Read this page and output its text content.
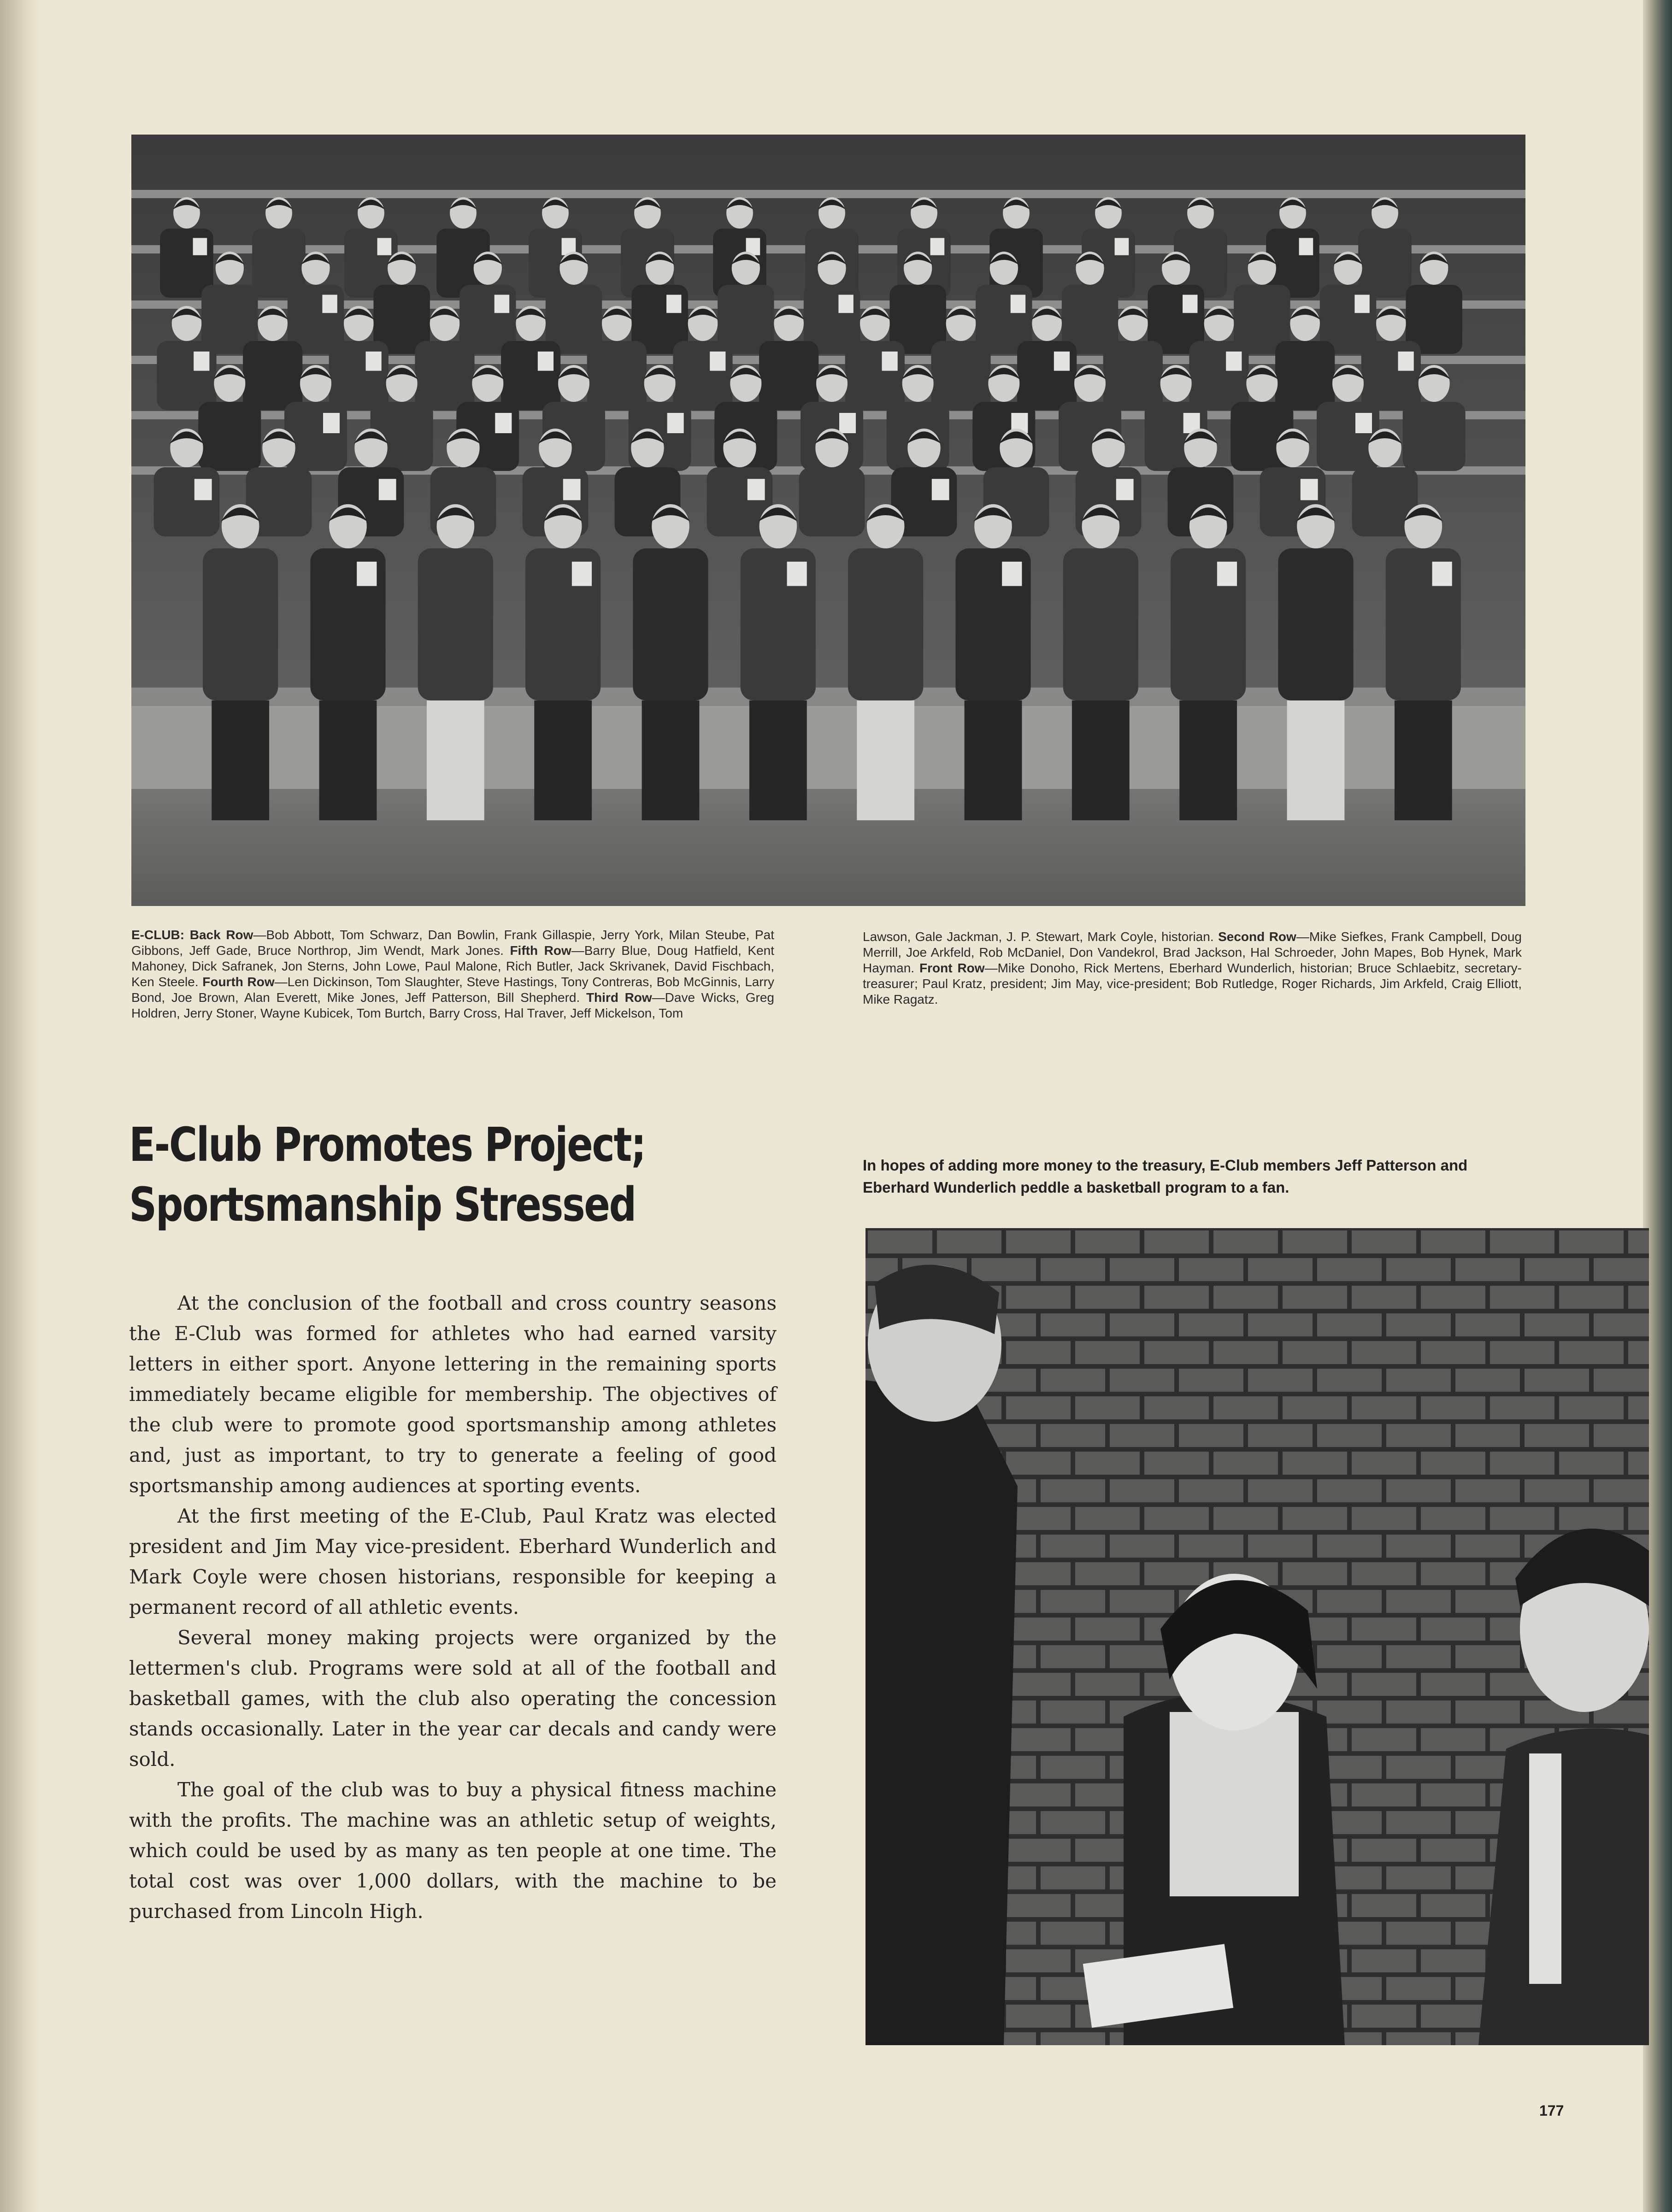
E-CLUB: Back Row—Bob Abbott, Tom Schwarz, Dan Bowlin, Frank Gillaspie, Jerry York, Milan Steube, Pat Gibbons, Jeff Gade, Bruce Northrop, Jim Wendt, Mark Jones. Fifth Row—Barry Blue, Doug Hatfield, Kent Mahoney, Dick Safranek, Jon Sterns, John Lowe, Paul Malone, Rich Butler, Jack Skrivanek, David Fischbach, Ken Steele. Fourth Row—Len Dickinson, Tom Slaughter, Steve Hastings, Tony Contreras, Bob McGinnis, Larry Bond, Joe Brown, Alan Everett, Mike Jones, Jeff Patterson, Bill Shepherd. Third Row—Dave Wicks, Greg Holdren, Jerry Stoner, Wayne Kubicek, Tom Burtch, Barry Cross, Hal Traver, Jeff Mickelson, Tom
Lawson, Gale Jackman, J. P. Stewart, Mark Coyle, historian. Second Row—Mike Siefkes, Frank Campbell, Doug Merrill, Joe Arkfeld, Rob McDaniel, Don Vandekrol, Brad Jackson, Hal Schroeder, John Mapes, Bob Hynek, Mark Hayman. Front Row—Mike Donoho, Rick Mertens, Eberhard Wunderlich, historian; Bruce Schlaebitz, secretary-treasurer; Paul Kratz, president; Jim May, vice-president; Bob Rutledge, Roger Richards, Jim Arkfeld, Craig Elliott, Mike Ragatz.
E-Club Promotes Project;
Sportsmanship Stressed
In hopes of adding more money to the treasury, E-Club members Jeff Patterson and Eberhard Wunderlich peddle a basketball program to a fan.

At the conclusion of the football and cross country seasons the E-Club was formed for athletes who had earned varsity letters in either sport. Anyone lettering in the remaining sports immediately became eligible for membership. The objectives of the club were to promote good sportsmanship among athletes and, just as important, to try to generate a feeling of good sportsmanship among audiences at sporting events.

At the first meeting of the E-Club, Paul Kratz was elected president and Jim May vice-president. Eberhard Wunderlich and Mark Coyle were chosen historians, responsible for keeping a permanent record of all athletic events.

Several money making projects were organized by the lettermen's club. Programs were sold at all of the football and basketball games, with the club also operating the concession stands occasionally. Later in the year car decals and candy were sold.

The goal of the club was to buy a physical fitness machine with the profits. The machine was an athletic setup of weights, which could be used by as many as ten people at one time. The total cost was over 1,000 dollars, with the machine to be purchased from Lincoln High.

177
